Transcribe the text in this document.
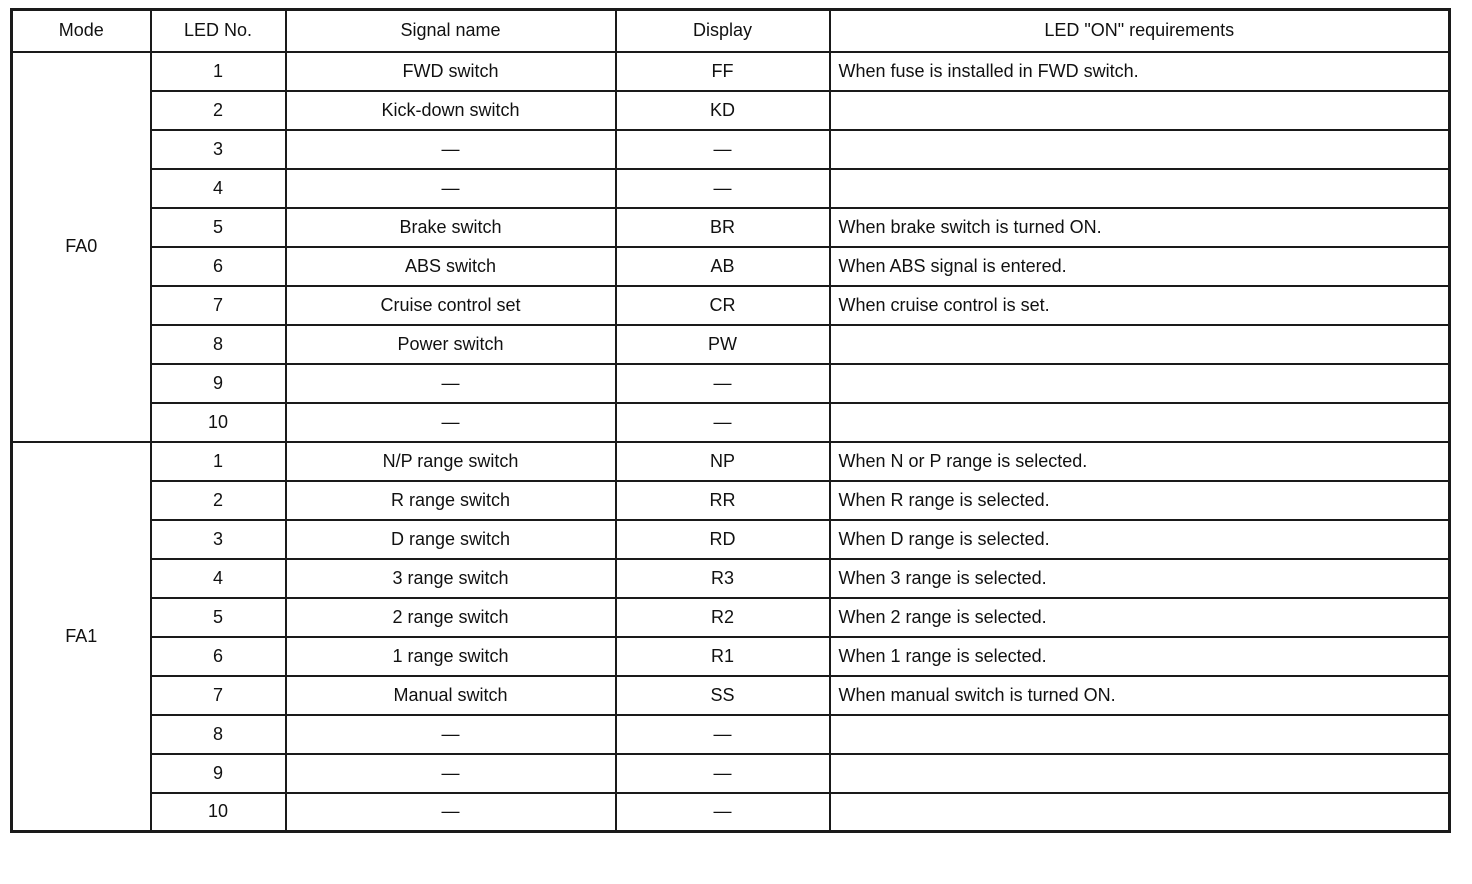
Mode	LED No.	Signal name	Display	LED "ON" requirements
FA0	1	FWD switch	FF	When fuse is installed in FWD switch.
	2	Kick-down switch	KD	
	3	—	—	
	4	—	—	
	5	Brake switch	BR	When brake switch is turned ON.
	6	ABS switch	AB	When ABS signal is entered.
	7	Cruise control set	CR	When cruise control is set.
	8	Power switch	PW	
	9	—	—	
	10	—	—	
FA1	1	N/P range switch	NP	When N or P range is selected.
	2	R range switch	RR	When R range is selected.
	3	D range switch	RD	When D range is selected.
	4	3 range switch	R3	When 3 range is selected.
	5	2 range switch	R2	When 2 range is selected.
	6	1 range switch	R1	When 1 range is selected.
	7	Manual switch	SS	When manual switch is turned ON.
	8	—	—	
	9	—	—	
	10	—	—	
